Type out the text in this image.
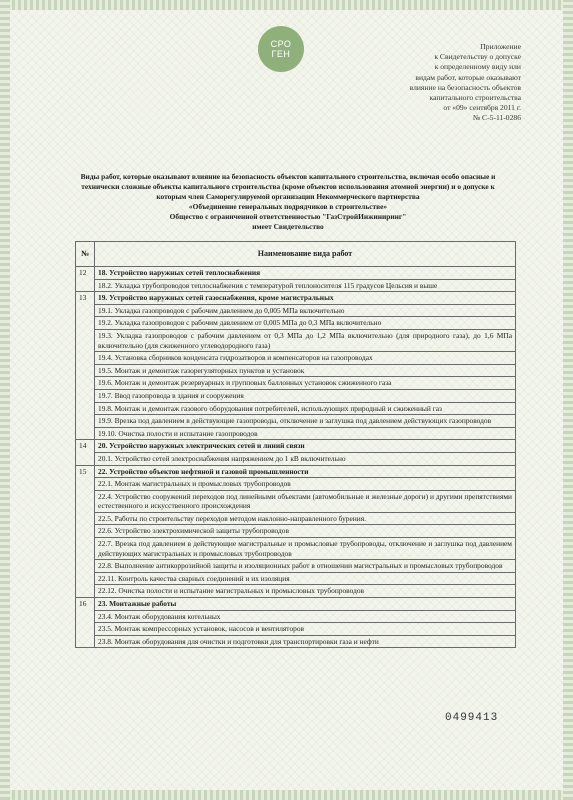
СРО
ГЕН
Приложение
к Свидетельству о допуске
к определенному виду или
видам работ, которые оказывают
влияние на безопасность объектов
капитального строительства
от «09» сентября 2011 г.
№ С-5-11-0286
Виды работ, которые оказывают влияние на безопасность объектов капитального строительства, включая особо опасные и технически сложные объекты капитального строительства (кроме объектов использования атомной энергии) и о допуске к которым член Саморегулируемой организации Некоммерческого партнерства
«Объединение генеральных подрядчиков в строительстве»
Общество с ограниченной ответственностью "ГазСтройИнжиниринг"
имеет Свидетельство
№	Наименование вида работ
12	18. Устройство наружных сетей теплоснабжения
	18.2. Укладка трубопроводов теплоснабжения с температурой теплоносителя 115 градусов Цельсия и выше
13	19. Устройство наружных сетей газоснабжения, кроме магистральных
	19.1. Укладка газопроводов с рабочим давлением до 0,005 МПа включительно
	19.2. Укладка газопроводов с рабочим давлением от 0,005 МПа до 0,3 МПа включительно
	19.3. Укладка газопроводов с рабочим давлением от 0,3 МПа до 1,2 МПа включительно (для природного газа), до 1,6 МПа включительно (для сжиженного углеводородного газа)
	19.4. Установка сборников конденсата гидрозатворов и компенсаторов на газопроводах
	19.5. Монтаж и демонтаж газорегуляторных пунктов и установок
	19.6. Монтаж и демонтаж резервуарных и групповых баллонных установок сжиженного газа
	19.7. Ввод газопровода в здания и сооружения
	19.8. Монтаж и демонтаж газового оборудования потребителей, использующих природный и сжиженный газ
	19.9. Врезка под давлением в действующие газопроводы, отключение и заглушка под давлением действующих газопроводов
	19.10. Очистка полости и испытание газопроводов
14	20. Устройство наружных электрических сетей и линий связи
	20.1. Устройство сетей электроснабжения напряжением до 1 кВ включительно
15	22. Устройство объектов нефтяной и газовой промышленности
	22.1. Монтаж магистральных и промысловых трубопроводов
	22.4. Устройство сооружений переходов под линейными объектами (автомобильные и железные дороги) и другими препятствиями естественного и искусственного происхождения
	22.5. Работы по строительству переходов методом наклонно-направленного бурения.
	22.6. Устройство электрохимической защиты трубопроводов
	22.7. Врезка под давлением в действующие магистральные и промысловые трубопроводы, отключение и заглушка под давлением действующих магистральных и промысловых трубопроводов
	22.8. Выполнение антикоррозийной защиты и изоляционных работ в отношении магистральных и промысловых трубопроводов
	22.11. Контроль качества сварных соединений и их изоляция
	22.12. Очистка полости и испытание магистральных и промысловых трубопроводов
16	23. Монтажные работы
	23.4. Монтаж оборудования котельных
	23.5. Монтаж компрессорных установок, насосов и вентиляторов
	23.8. Монтаж оборудования для очистки и подготовки для транспортировки газа и нефти
0499413
